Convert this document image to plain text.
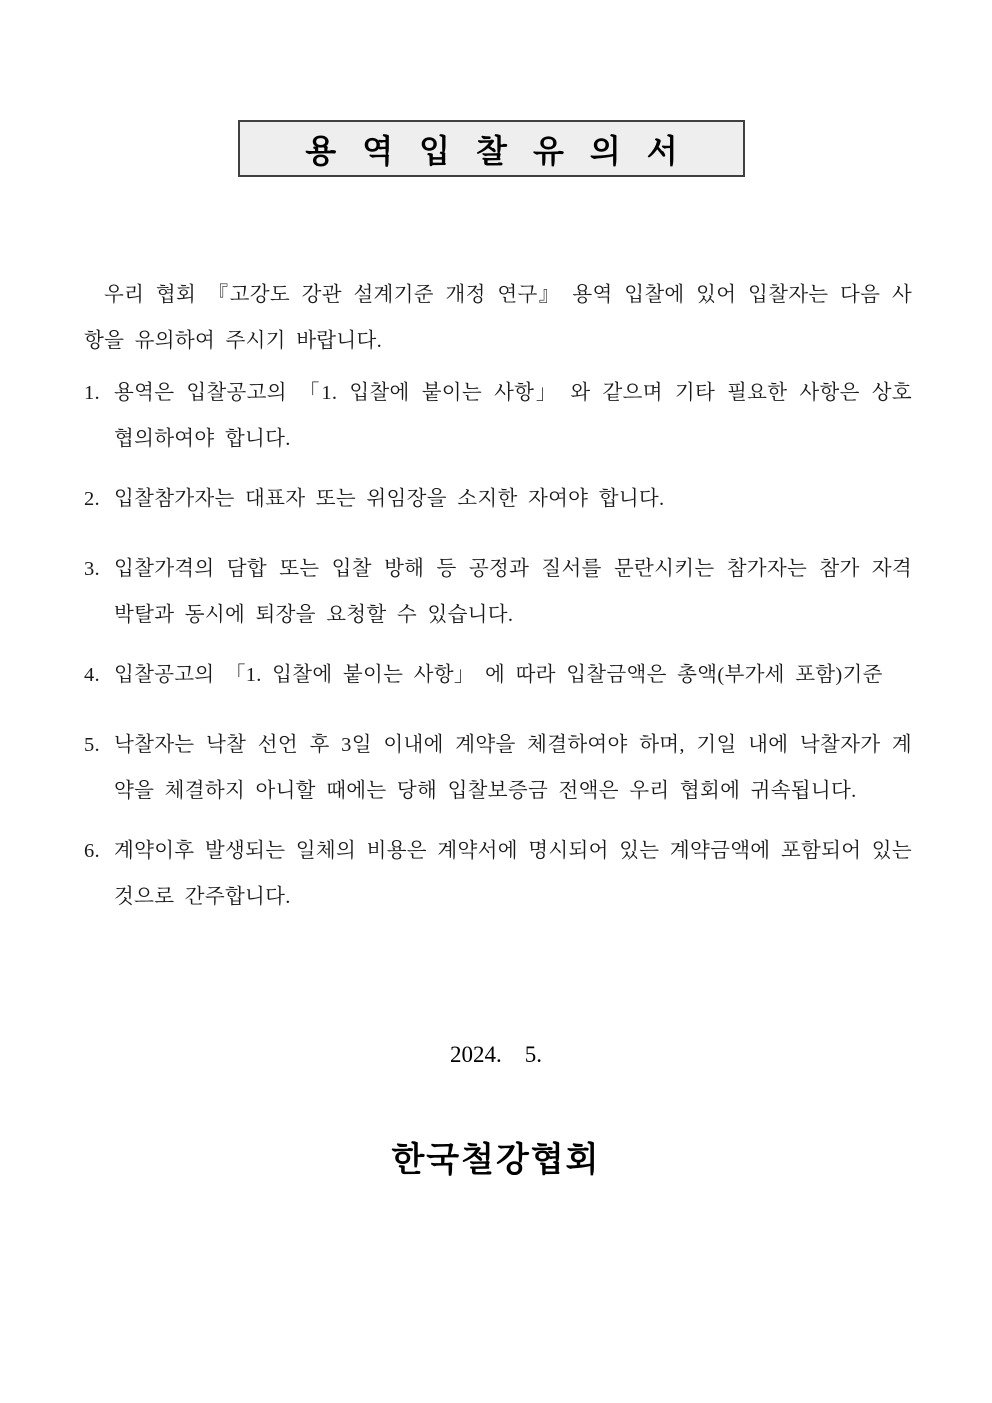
용 역 입 찰 유 의 서

우리 협회 『고강도 강관 설계기준 개정 연구』 용역 입찰에 있어 입찰자는 다음 사항을 유의하여 주시기 바랍니다.

1. 용역은 입찰공고의 「1. 입찰에 붙이는 사항」 와 같으며 기타 필요한 사항은 상호 협의하여야 합니다.
2. 입찰참가자는 대표자 또는 위임장을 소지한 자여야 합니다.
3. 입찰가격의 담합 또는 입찰 방해 등 공정과 질서를 문란시키는 참가자는 참가 자격 박탈과 동시에 퇴장을 요청할 수 있습니다.
4. 입찰공고의 「1. 입찰에 붙이는 사항」 에 따라 입찰금액은 총액(부가세 포함)기준
5. 낙찰자는 낙찰 선언 후 3일 이내에 계약을 체결하여야 하며, 기일 내에 낙찰자가 계약을 체결하지 아니할 때에는 당해 입찰보증금 전액은 우리 협회에 귀속됩니다.
6. 계약이후 발생되는 일체의 비용은 계약서에 명시되어 있는 계약금액에 포함되어 있는 것으로 간주합니다.
2024.    5.
한국철강협회
